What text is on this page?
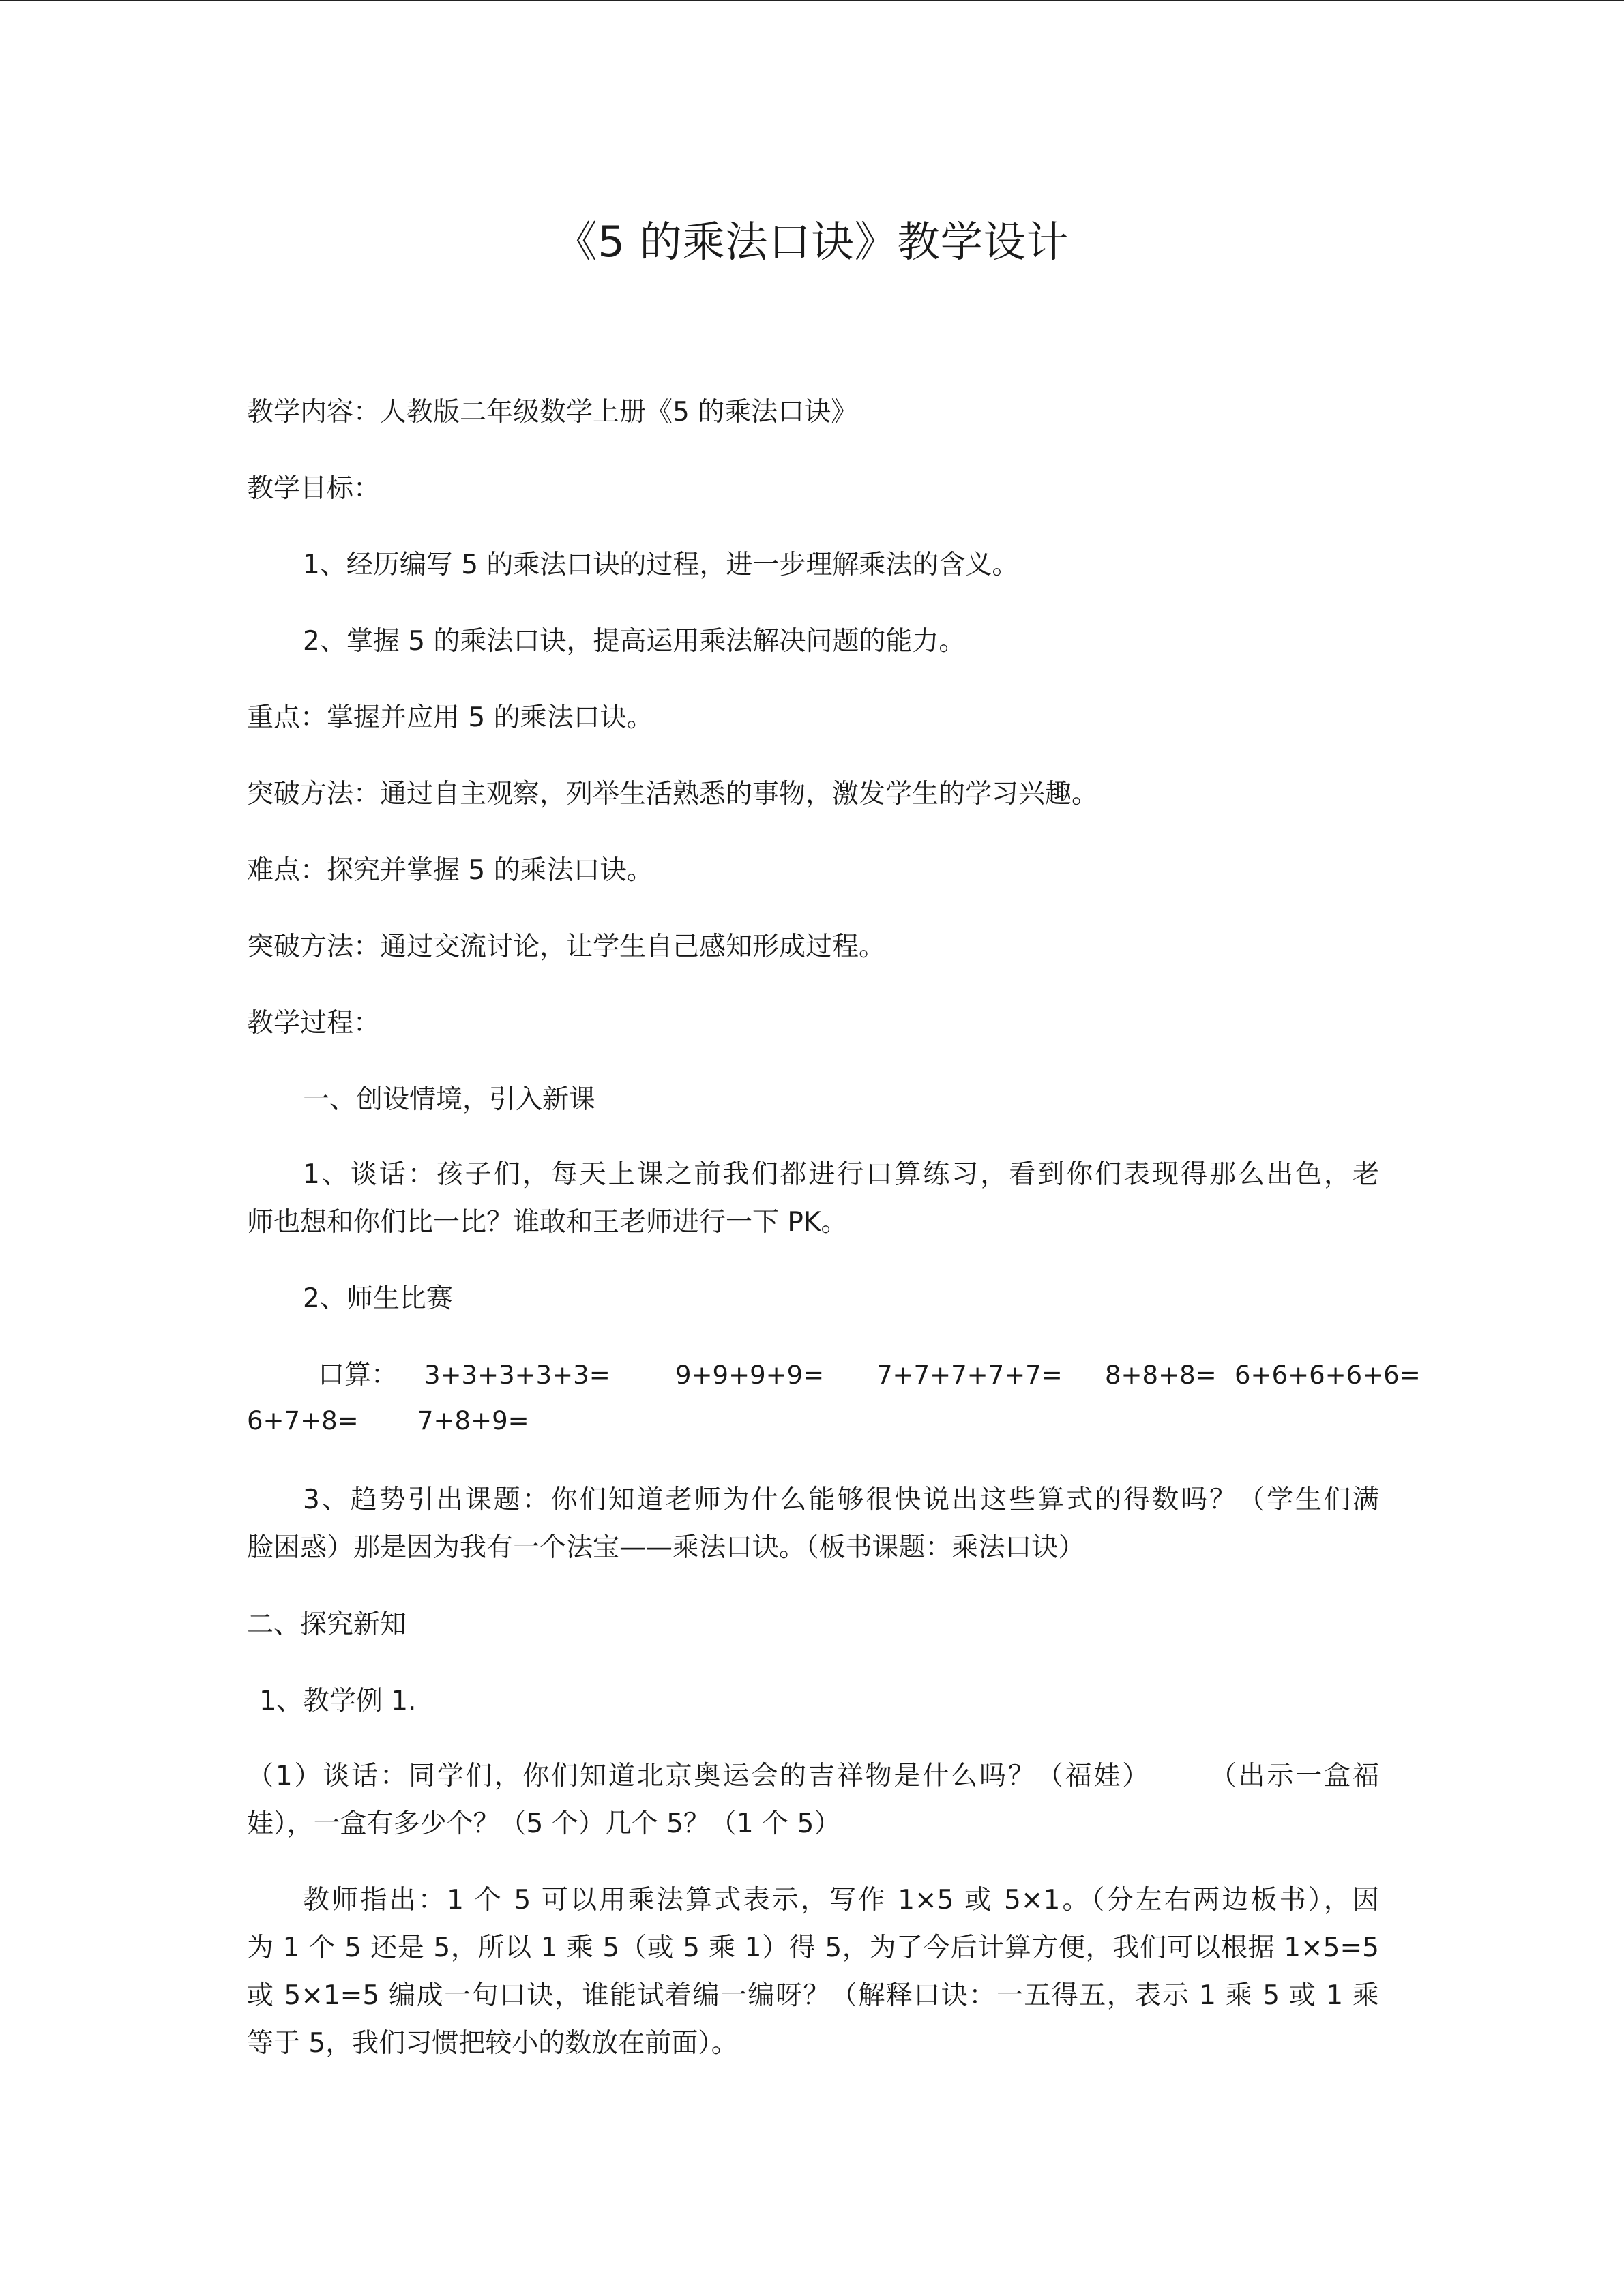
《5 的乘法口诀》教学设计
教学内容：人教版二年级数学上册《5 的乘法口诀》
教学目标：
1、经历编写 5 的乘法口诀的过程，进一步理解乘法的含义。
2、掌握 5 的乘法口诀，提高运用乘法解决问题的能力。
重点：掌握并应用 5 的乘法口诀。
突破方法：通过自主观察，列举生活熟悉的事物，激发学生的学习兴趣。
难点：探究并掌握 5 的乘法口诀。
突破方法：通过交流讨论，让学生自己感知形成过程。
教学过程：
一、创设情境，引入新课
1、谈话：孩子们，每天上课之前我们都进行口算练习，看到你们表现得那么出色，老
师也想和你们比一比？谁敢和王老师进行一下 PK。
2、师生比赛
口算： 3+3+3+3+3=	9+9+9+9= 7+7+7+7+7= 8+8+8= 6+6+6+6+6=
6+7+8= 7+8+9=
3、趋势引出课题：你们知道老师为什么能够很快说出这些算式的得数吗？（学生们满
脸困惑）那是因为我有一个法宝——乘法口诀。（板书课题：乘法口诀）
二、探究新知
1、教学例 1.
（1）谈话：同学们，你们知道北京奥运会的吉祥物是什么吗？（福娃）　　　（出示一盒福
娃），一盒有多少个？（5 个）几个 5？（1 个 5）
教师指出：1 个 5 可以用乘法算式表示，写作 1×5 或 5×1。（分左右两边板书），因
为 1 个 5 还是 5，所以 1 乘 5（或 5 乘 1）得 5，为了今后计算方便，我们可以根据 1×5=5
或 5×1=5 编成一句口诀，谁能试着编一编呀？（解释口诀：一五得五，表示 1 乘 5 或 1 乘
等于 5，我们习惯把较小的数放在前面）。
